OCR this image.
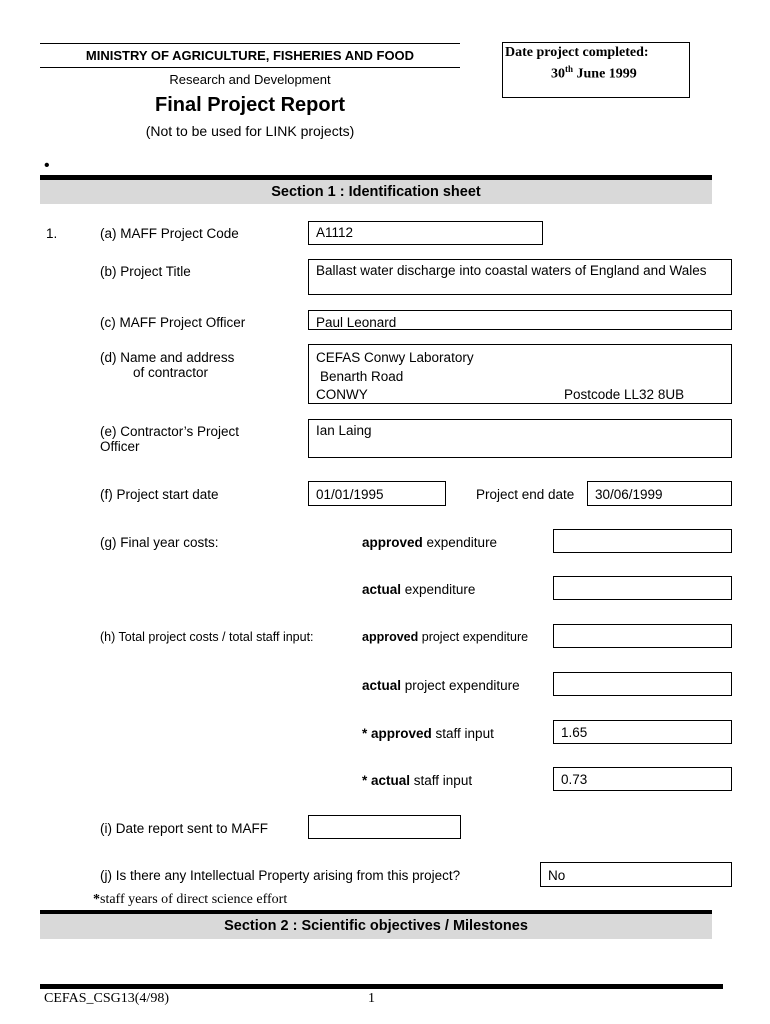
MINISTRY OF AGRICULTURE, FISHERIES AND FOOD
Research and Development
Final Project Report
(Not to be used for LINK projects)
Date project completed:
30th June 1999
•
Section 1 : Identification sheet
1.	(a) MAFF Project Code	A1112
(b) Project Title	Ballast water discharge into coastal waters of England and Wales
(c) MAFF Project Officer	Paul Leonard
(d) Name and address
of contractor
CEFAS Conwy Laboratory
Benarth Road
CONWY	Postcode LL32 8UB
(e) Contractor’s Project
Officer
Ian Laing
(f) Project start date	01/01/1995	Project end date	30/06/1999
(g) Final year costs:	approved expenditure
actual expenditure
(h) Total project costs / total staff input:	approved project expenditure
actual project expenditure
* approved staff input	1.65
* actual staff input	0.73
(i) Date report sent to MAFF
(j) Is there any Intellectual Property arising from this project?	No
*staff years of direct science effort
Section 2 : Scientific objectives / Milestones
CEFAS_CSG13(4/98)	1
